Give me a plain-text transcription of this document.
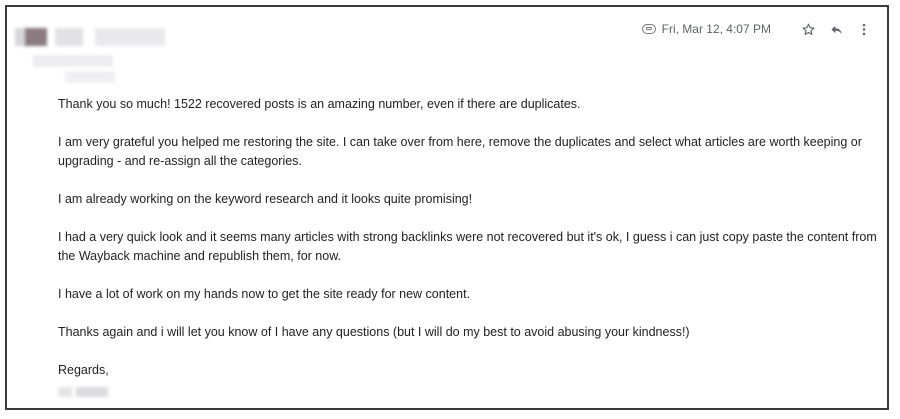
Fri, Mar 12, 4:07 PM

Thank you so much! 1522 recovered posts is an amazing number, even if there are duplicates.

I am very grateful you helped me restoring the site. I can take over from here, remove the duplicates and select what articles are worth keeping or upgrading - and re-assign all the categories.

I am already working on the keyword research and it looks quite promising!

I had a very quick look and it seems many articles with strong backlinks were not recovered but it's ok, I guess i can just copy paste the content from the Wayback machine and republish them, for now.

I have a lot of work on my hands now to get the site ready for new content.

Thanks again and i will let you know of I have any questions (but I will do my best to avoid abusing your kindness!)

Regards,
